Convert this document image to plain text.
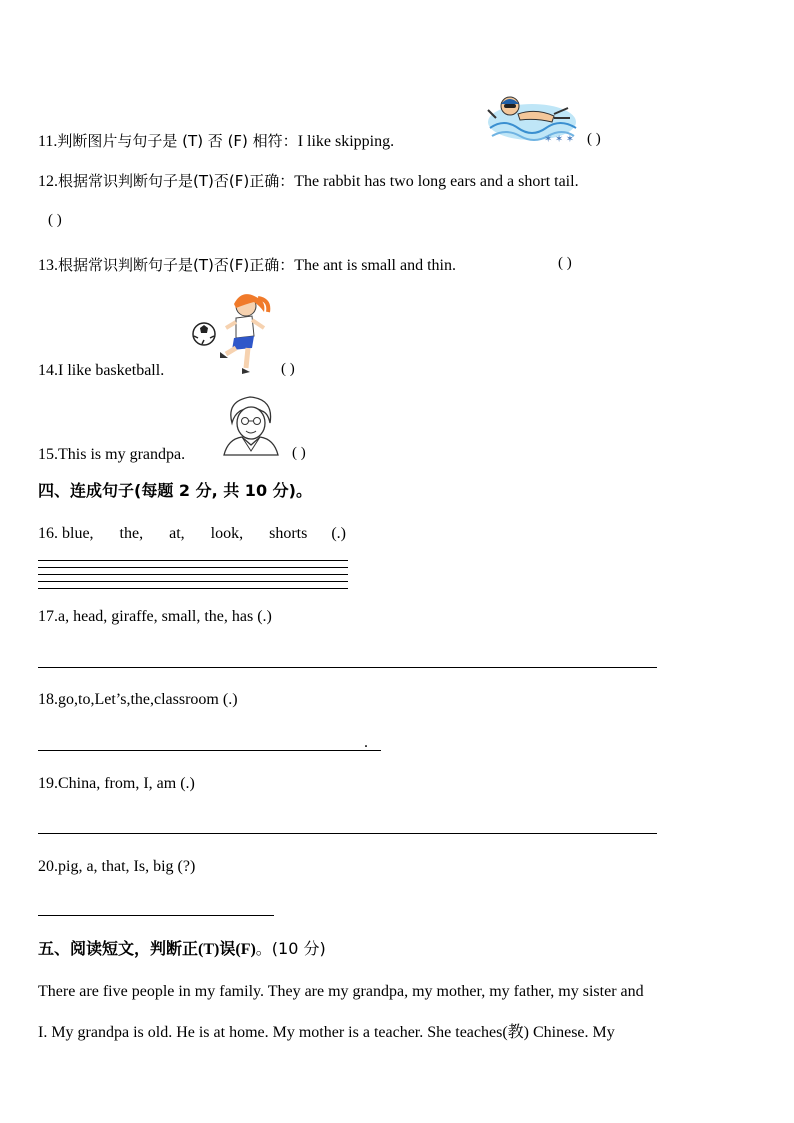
11.判断图片与句子是 (T) 否 (F) 相符：I like skipping.	✶ ✶ ✶ ( )
12.根据常识判断句子是(T)否(F)正确：The rabbit has two long ears and a short tail.
( )
13.根据常识判断句子是(T)否(F)正确：The ant is small and thin.	( )
14.I like basketball.	( )
15.This is my grandpa.	( )
四、连成句子(每题 2 分, 共 10 分)。
16. blue, the, at, look, shorts (.)
17.a, head, giraffe, small, the, has (.)
18.go,to,Let’s,the,classroom (.)
.
19.China, from, I, am (.)
20.pig, a, that, Is, big (?)
五、阅读短文，判断正(T)误(F)。(10 分)
There are five people in my family. They are my grandpa, my mother, my father, my sister and
I. My grandpa is old. He is at home. My mother is a teacher. She teaches(教) Chinese. My
